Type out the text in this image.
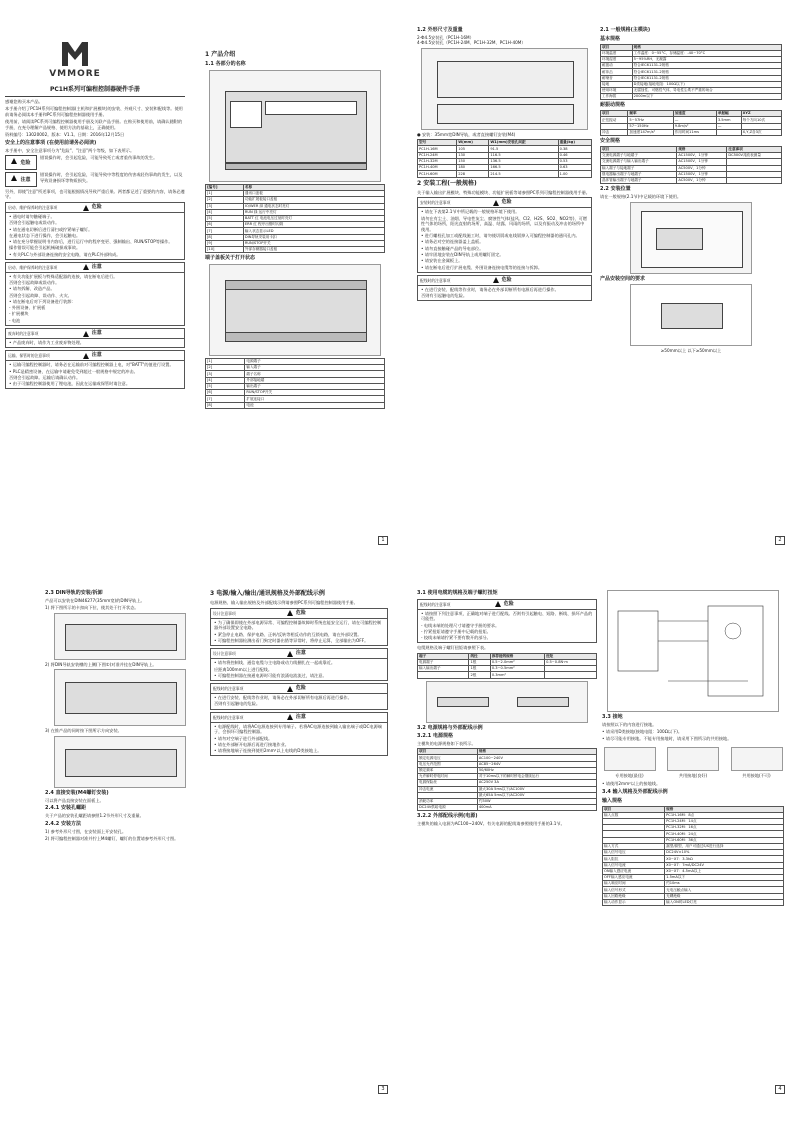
VMMORE
PC1H系列可编程控制器硬件手册

感谢您购买本产品。

本手册介绍了PC1H系列可编程控制器(主机和扩展模块)的安装、外观尺寸、安装和配线等。使用前请务必阅读本手册和PC系列可编程控制器使用手册。

使用前，请阅读PC系列可编程控制器使用手册及关联产品手册。在购买和使用前，请确认随附的手册，在充分理解产品规格、使用方法的基础上，正确使用。

资料编号：13020002。版本：V1.1。日期：2016年12月15日

安全上的注意事项 (在使用前请务必阅读)

本手册中，安全注意事项分为"危险"、"注意"两个等级，如下表所示。

危险
错误操作时，会引起危险，可能导致死亡或者重伤事故的发生。
注意
错误操作时，会引起危险，可能导致中等程度的伤害或轻伤事故的发生，以及导致设备损坏等物质损失。

另外，即使"注意"所述事项，也可能根据情况导致严重后果。两者都记述了重要的内容，请务必遵守。

启动、维护保养时的注意事项	危险
• 通电时请勿触碰端子。
否则会引起触电或误动作。
• 请在通电切断后进行清扫或拧紧端子螺钉。
在通电状态下进行操作，会引起触电。
• 请在充分掌握说明书内容后，进行运行中的程序变更、强制输出、RUN/STOP等操作。
操作错误可能会引起机械破损或事故。
• 有关PLC与外部设备连接的安全电路，请在PLC外部构成。
启动、维护保养时的注意事项	注意
• 有关功能扩展板与特殊适配器的连接，请在断电后进行。
否则会引起故障或误动作。
• 请勿拆解、改造产品。
否则会引起故障、误动作、火灾。
• 请在断电后对下列设备进行装卸：
- 外围设备、扩展板
- 扩展模块
- 电池
废弃时的注意事项	注意
• 产品废弃时，请作为工业废弃物处理。
运输、保管时的注意事项	注意
• 运输可编程控制器时，请务必在运输前对可编程控制器上电，对"BATT"的值进行设置。
• PLC是精密设备，在运输中请避免受到超过一般规格中规定的冲击。
否则会引起故障。运输后请确认动作。
• 由于可编程控制器使用了锂电池，因此在运输或保管时请注意。
1 产品介绍
1.1 各部分的名称
[编号]	名称
[1]	通讯口盖板
[2]	功能扩展板接口盖板
[3]	IO/WER 绿 通电状态时亮灯
[4]	RUN 绿 运行中亮灯
[5]	BATT 红 电池电压过低时亮灯
[6]	ERR 红 程序出错时闪烁
[7]	输入状态显示LED
[8]	DIN导轨安装用卡扣
[9]	RUN/STOP开关
[10]	外部存储器接口盖板
端子盖板关于打开状态
[1]	电源端子
[2]	输入端子
[3]	端子名称
[4]	外部接地端
[5]	输出端子
[6]	RUN/STOP开关
[7]	扩展连接口
[8]	电池
1
1.2 外形尺寸及重量

2-Φ4.5安装孔（PC1H-16M）
4-Φ4.5安装孔（PC1H-24M、PC1H-32M、PC1H-40M）

● 安装：35mm宽DIN导轨，或者直接螺钉安装(M4)

型号	W(mm)	W1(mm)安装孔间距	重量(kg)
PC1H-16M	105	91.5	0.38
PC1H-24M	130	116.5	0.46
PC1H-32M	150	136.5	0.53
PC1H-40M	180	166.5	0.63
PC1H-60M	228	214.5	1.00
2 安装工程(一般规格)

关于输入输出扩展模块、特殊功能模块、功能扩展板等请参照PC系列可编程控制器使用手册。

安装时的注意事项	危险
• 请在下表第2.1节中所记载的一般规格环境下使用。
请勿在有尘土、油烟、导电性灰尘、腐蚀性气体(盐风、Cl2、H2S、SO2、NO2等)、可燃性气体的场所，阳光直射的场所，高温、结露、风雨的场所，以及有振动及冲击的场所中使用。
• 进行螺栓孔加工或配线施工时，请勿使切屑或电线屑掉入可编程控制器的通风孔内。
• 请务必对空的连接器盖上盖板。
• 请勿直接触碰产品的导电部位。
• 请牢固地安装在DIN导轨上或用螺钉固定。
• 请安装在金属板上。
• 请在断电后进行扩展电缆、外围设备连接电缆等的连接与拆卸。
配线时的注意事项	危险
• 在进行安装、配线等作业时，请务必在外部切断所有电源后再进行操作。
否则有引起触电的危险。
2.1 一般规格(主模块)
基本规格
项目	规格
环境温度	工作温度：0~55°C，存储温度：-40~70°C
环境湿度	5~95%RH，无凝露
耐振动	符合IEC61131-2规格
耐冲击	符合IEC61131-2规格
耐噪音	符合IEC61131-2规格
接地	D类接地(接地电阻：100Ω以下)
使用环境	无腐蚀性、可燃性气体，导电性尘埃不严重的场合
工作海拔	2000m以下
耐振动规格
项目	频率	加速度	单振幅	XYZ
正弦振动	5~57Hz	—	3.5mm	每个方向10次
	57~150Hz	9.8m/s²	—	
冲击	加速度147m/s²	作用时间11ms		X,Y,Z各3次
安全规格
项目	规格	注意事项
交流电源端子与地端子	AC1500V，1分钟	DC500V兆欧表测量
交流电源端子与输入输出端子	AC1500V，1分钟	
输入端子与接地端子	AC500V，1分钟	
继电器输出端子与地端子	AC1500V，1分钟	
晶体管输出端子与地端子	AC500V，1分钟	
2.2 安装位置

请在一般规格(2.1节)中记载的环境下使用。

产品安装空间的要求

≥50mm以上 以下≥50mm以上

2
2.3 DIN导轨的安装/拆卸

产品可以安装在DIN46277(35mm宽)的DIN导轨上。

1) 将下图所示的卡扣向下拉，使其处于打开状态。

2) 将DIN导轨安装槽的上侧(下图①)对准并挂在DIN导轨上。

3) 在推产品的同时按下图所示方向安装。

2.4 直接安装(M4螺钉安装)

可以将产品直接安装在面板上。

2.4.1 安装孔螺距

关于产品的安装孔螺距请参照1.2节外形尺寸及重量。

2.4.2 安装方法

1) 参考外形尺寸图，在安装面上开安装孔。

2) 将可编程控制器对准并拧上M4螺钉，螺钉的位置请参考外形尺寸图。

3 电源/输入/输出/通讯规格及外部配线示例

电源规格、输入输出规格及外部配线示例请参照PC系列可编程控制器使用手册。

设计注意事项	危险
• 为了确保即使在外部电源异常、可编程控制器故障时系统也能安全运行，请在可编程控制器外部设置安全电路。
• 紧急停止电路、保护电路、正转/反转等相反动作的互锁电路，请在外部设置。
• 可编程控制器检测出看门狗定时器出错等异常时，将停止运算，全部输出为OFF。
设计注意事项	注意
• 请勿将控制线、通信电缆与主电路或动力线捆扎在一起或靠近。
应距离100mm以上进行配线。
• 可编程控制器在接通电源时可能有浪涌电流流过，请注意。
配线时的注意事项	危险
• 在进行安装、配线等作业时，请务必在外部切断所有电源后再进行操作。
否则有引起触电的危险。
配线时的注意事项	注意
• 电源配线时，请将AC电源连接到专用端子。若将AC电源连接到输入输出端子或DC电源端子，会损坏可编程控制器。
• 请勿对空端子进行外部配线。
• 请在外部断开电源后再进行接地作业。
• 请将接地端子连接到使用2mm²以上电线的D类接地上。
3
3.1 使用电缆的规格及端子螺钉扭矩
配线时的注意事项	危险
• 请按照下列注意事项，正确地对端子进行配线。否则有引起触电、短路、断线、损坏产品的可能性。
- 电线末端的处理尺寸请遵守手册的要求。
- 拧紧扭矩请遵守手册中记载的扭矩。
- 绞线末端请拧紧不要有散开的部分。

电缆规格及端子螺钉扭矩请参照下表。

端子	线径	推荐接线规格	扭矩
电源端子	1根	0.5~2.0mm²	0.5~0.8N·m
输入输出端子	1根	0.3~0.5mm²	
	2根	0.3mm²	
3.2 电源规格与外部配线示例
3.2.1 电源规格

主模块的电源规格如下表所示。

项目	规格
额定电源电压	AC100~240V
电压允许范围	AC85~264V
额定频率	50/60Hz
允许瞬时停电时间	对于10ms以下的瞬时停电会继续运行
电源保险丝	AC250V 3A
冲击电流	最大30A 5ms以下/AC100V
	最大65A 5ms以下/AC200V
消耗功率	约30W
DC24V供给电源	400mA
3.2.2 外部配线示例(电源)

主模块的输入电源为AC100~240V。有关电源的配线请参照使用手册的3.1节。

3.3 接地

请按照以下的内容进行接地。

• 请采用D类接地(接地电阻：100Ω以下)。

• 请尽可能专用接地。不能专用接地时，请采用下图所示的共用接地。

专用接地(最佳)	共用接地(良好)	共用接地(不可)

• 请使用2mm²以上的接地线。

3.4 输入规格及外部配线示例
输入规格
项目	规格
输入点数	PC1H-16M：8点
	PC1H-24M：14点
	PC1H-32M：16点
	PC1H-40M：24点
	PC1H-60M：36点
输入方式	漏型/源型，用户可通过S/S进行选择
输入信号电压	DC24V±10%
输入阻抗	X0~X7：3.3kΩ
输入信号电流	X0~X7：7mA/DC24V
ON输入感应电流	X0~X7：4.5mA以上
OFF输入感应电流	1.5mA以下
输入响应时间	约10ms
输入信号形式	无电压触点输入
输入回路绝缘	光耦绝缘
输入动作显示	输入ON时LED灯亮
4
